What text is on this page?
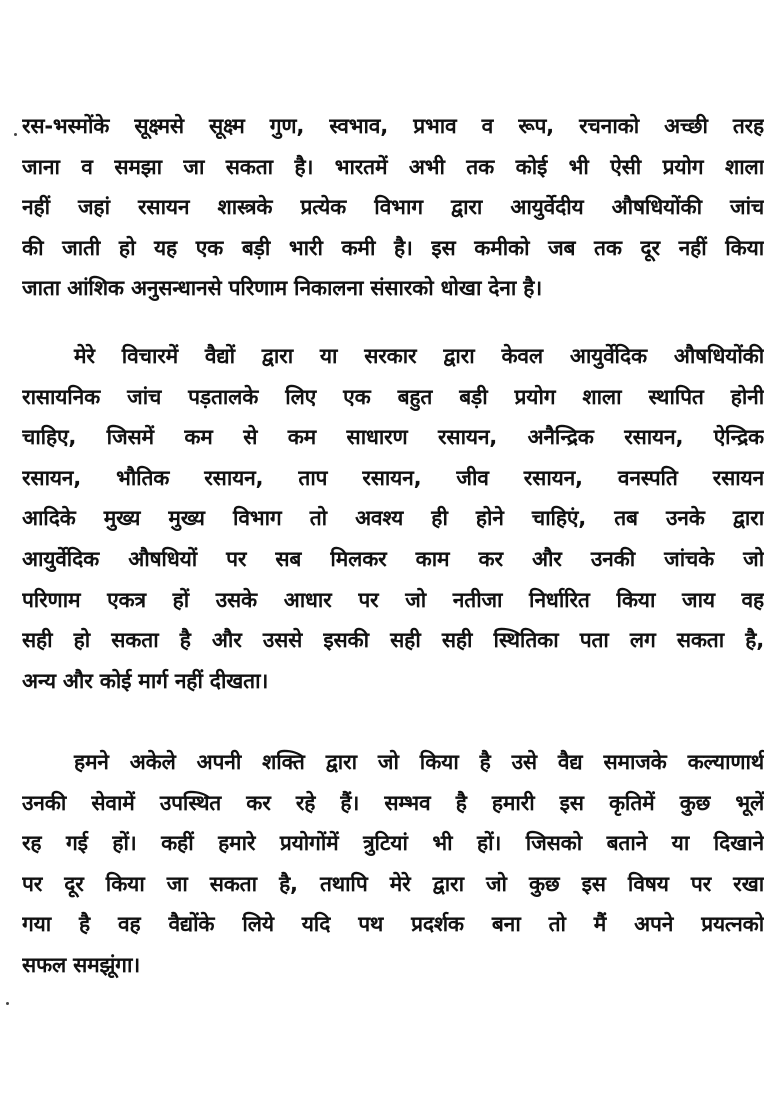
रस-भस्मोंके सूक्ष्मसे सूक्ष्म गुण, स्वभाव, प्रभाव व रूप, रचनाको अच्छी तरह
जाना व समझा जा सकता है। भारतमें अभी तक कोई भी ऐसी प्रयोग शाला
नहीं जहां रसायन शास्त्रके प्रत्येक विभाग द्वारा आयुर्वेदीय औषधियोंकी जांच
की जाती हो यह एक बड़ी भारी कमी है। इस कमीको जब तक दूर नहीं किया
जाता आंशिक अनुसन्धानसे परिणाम निकालना संसारको धोखा देना है।
मेरे विचारमें वैद्यों द्वारा या सरकार द्वारा केवल आयुर्वेदिक औषधियोंकी
रासायनिक जांच पड़तालके लिए एक बहुत बड़ी प्रयोग शाला स्थापित होनी
चाहिए, जिसमें कम से कम साधारण रसायन, अनैन्द्रिक रसायन, ऐन्द्रिक
रसायन, भौतिक रसायन, ताप रसायन, जीव रसायन, वनस्पति रसायन
आदिके मुख्य मुख्य विभाग तो अवश्य ही होने चाहिएं, तब उनके द्वारा
आयुर्वेदिक औषधियों पर सब मिलकर काम कर और उनकी जांचके जो
परिणाम एकत्र हों उसके आधार पर जो नतीजा निर्धारित किया जाय वह
सही हो सकता है और उससे इसकी सही सही स्थितिका पता लग सकता है,
अन्य और कोई मार्ग नहीं दीखता।
हमने अकेले अपनी शक्ति द्वारा जो किया है उसे वैद्य समाजके कल्याणार्थ
उनकी सेवामें उपस्थित कर रहे हैं। सम्भव है हमारी इस कृतिमें कुछ भूलें
रह गई हों। कहीं हमारे प्रयोगोंमें त्रुटियां भी हों। जिसको बताने या दिखाने
पर दूर किया जा सकता है, तथापि मेरे द्वारा जो कुछ इस विषय पर रखा
गया है वह वैद्योंके लिये यदि पथ प्रदर्शक बना तो मैं अपने प्रयत्नको
सफल समझूंगा।
